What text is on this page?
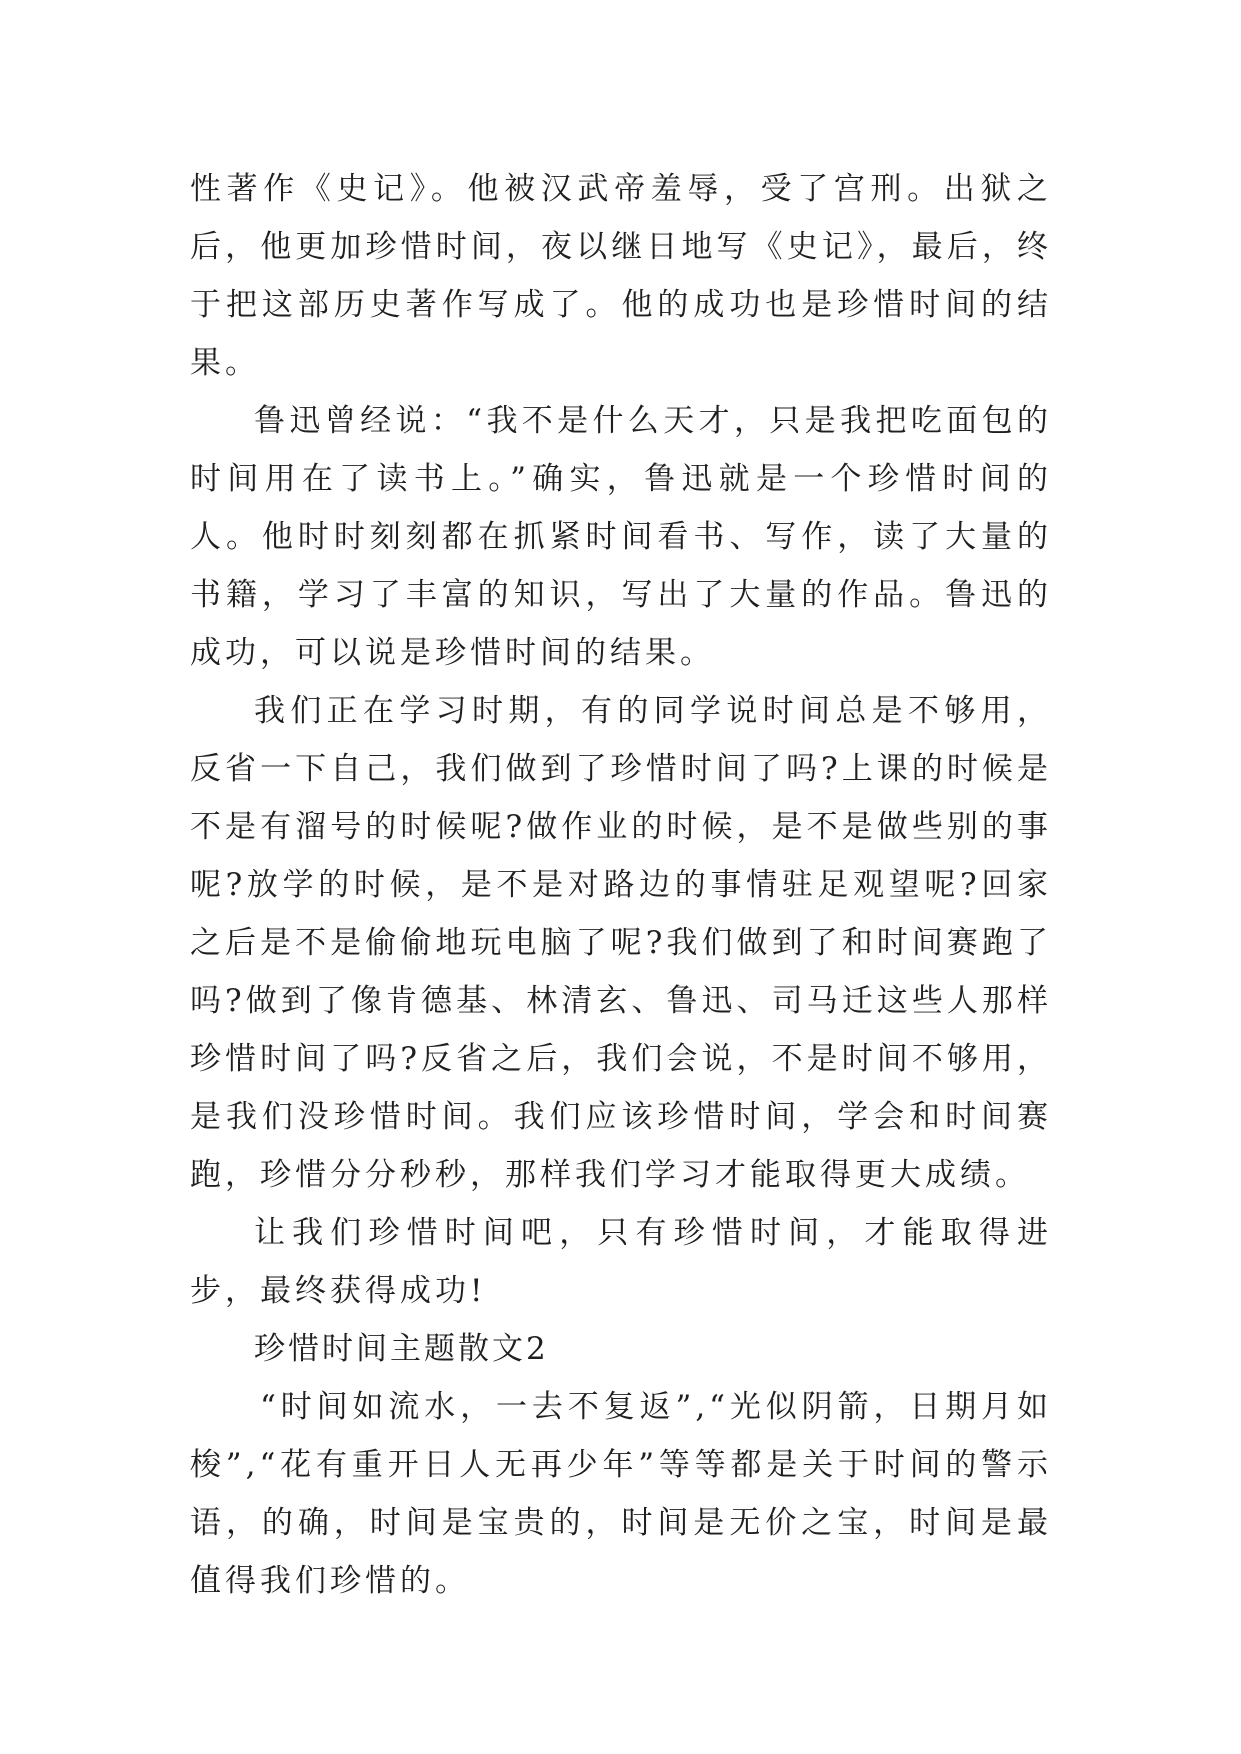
性著作《史记》。他被汉武帝羞辱，受了宫刑。出狱之后，他更加珍惜时间，夜以继日地写《史记》，最后，终于把这部历史著作写成了。他的成功也是珍惜时间的结果。

鲁迅曾经说：“我不是什么天才，只是我把吃面包的时间用在了读书上。”确实，鲁迅就是一个珍惜时间的人。他时时刻刻都在抓紧时间看书、写作，读了大量的书籍，学习了丰富的知识，写出了大量的作品。鲁迅的成功，可以说是珍惜时间的结果。

我们正在学习时期，有的同学说时间总是不够用，反省一下自己，我们做到了珍惜时间了吗?上课的时候是不是有溜号的时候呢?做作业的时候，是不是做些别的事呢?放学的时候，是不是对路边的事情驻足观望呢?回家之后是不是偷偷地玩电脑了呢?我们做到了和时间赛跑了吗?做到了像肯德基、林清玄、鲁迅、司马迁这些人那样珍惜时间了吗?反省之后，我们会说，不是时间不够用，是我们没珍惜时间。我们应该珍惜时间，学会和时间赛跑，珍惜分分秒秒，那样我们学习才能取得更大成绩。

让我们珍惜时间吧，只有珍惜时间，才能取得进步，最终获得成功!

珍惜时间主题散文2

“时间如流水，一去不复返”,“光似阴箭，日期月如梭”,“花有重开日人无再少年”等等都是关于时间的警示语，的确，时间是宝贵的，时间是无价之宝，时间是最值得我们珍惜的。
